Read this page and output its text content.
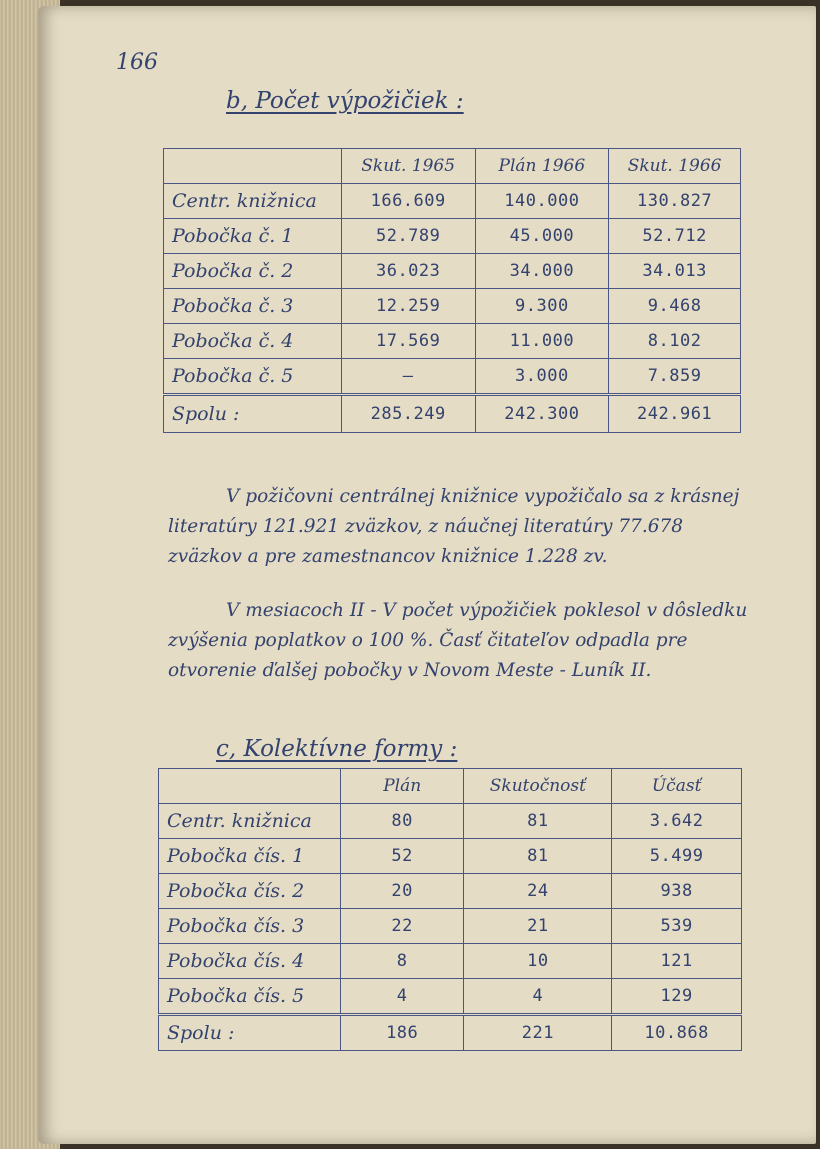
166
b, Počet výpožičiek :
	Skut. 1965	Plán 1966	Skut. 1966
Centr. knižnica	166.609	140.000	130.827
Pobočka č. 1	52.789	45.000	52.712
Pobočka č. 2	36.023	34.000	34.013
Pobočka č. 3	12.259	9.300	9.468
Pobočka č. 4	17.569	11.000	8.102
Pobočka č. 5	–	3.000	7.859
Spolu :	285.249	242.300	242.961
V požičovni centrálnej knižnice vypožičalo sa z krásnej literatúry 121.921 zväzkov, z náučnej literatúry 77.678 zväzkov a pre zamestnancov knižnice 1.228 zv.
V mesiacoch II - V počet výpožičiek poklesol v dôsledku zvýšenia poplatkov o 100 %. Časť čitateľov odpadla pre otvorenie ďalšej pobočky v Novom Meste - Luník II.
c, Kolektívne formy :
	Plán	Skutočnosť	Účasť
Centr. knižnica	80	81	3.642
Pobočka čís. 1	52	81	5.499
Pobočka čís. 2	20	24	938
Pobočka čís. 3	22	21	539
Pobočka čís. 4	8	10	121
Pobočka čís. 5	4	4	129
Spolu :	186	221	10.868
